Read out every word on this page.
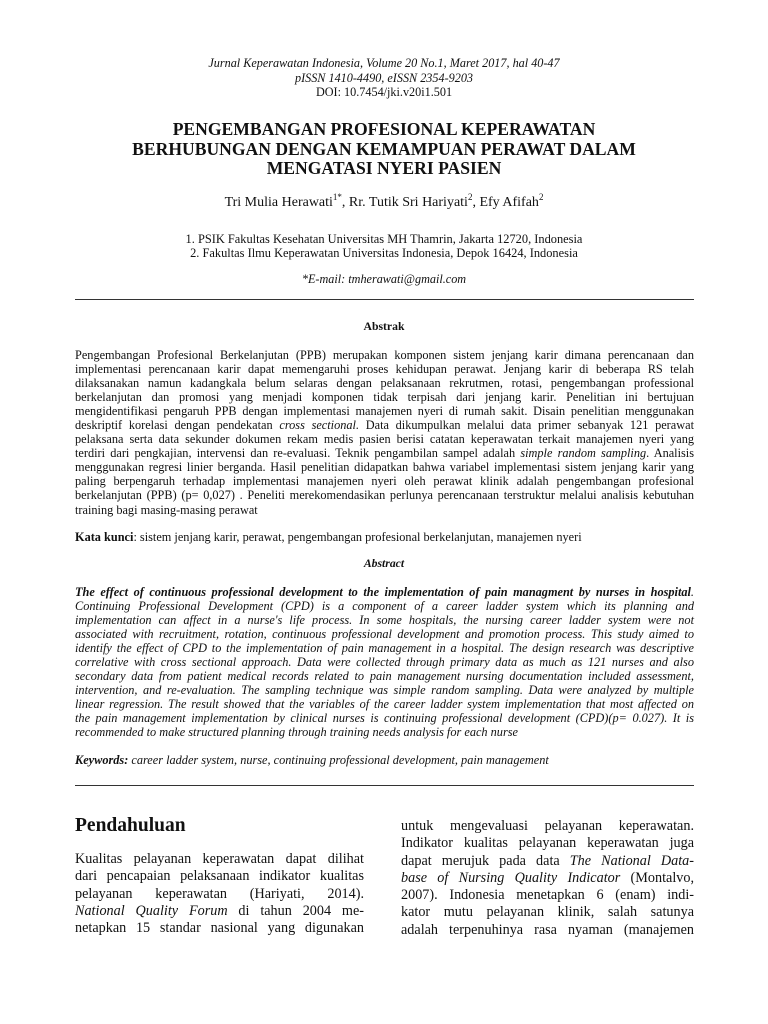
Jurnal Keperawatan Indonesia, Volume 20 No.1, Maret 2017, hal 40-47
pISSN 1410-4490, eISSN 2354-9203
DOI: 10.7454/jki.v20i1.501
PENGEMBANGAN PROFESIONAL KEPERAWATAN
BERHUBUNGAN DENGAN KEMAMPUAN PERAWAT DALAM
MENGATASI NYERI PASIEN
Tri Mulia Herawati$^{1*}$, Rr. Tutik Sri Hariyati$^2$, Efy Afifah$^2$
1. PSIK Fakultas Kesehatan Universitas MH Thamrin, Jakarta 12720, Indonesia
2. Fakultas Ilmu Keperawatan Universitas Indonesia, Depok 16424, Indonesia
*E-mail: tmherawati@gmail.com
Abstrak
Pengembangan Profesional Berkelanjutan (PPB) merupakan komponen sistem jenjang karir dimana perencanaan dan
implementasi perencanaan karir dapat memengaruhi proses kehidupan perawat. Jenjang karir di beberapa RS telah
dilaksanakan namun kadangkala belum selaras dengan pelaksanaan rekrutmen, rotasi, pengembangan professional
berkelanjutan dan promosi yang menjadi komponen tidak terpisah dari jenjang karir. Penelitian ini bertujuan
mengidentifikasi pengaruh PPB dengan implementasi manajemen nyeri di rumah sakit. Disain penelitian menggunakan
deskriptif korelasi dengan pendekatan cross sectional. Data dikumpulkan melalui data primer sebanyak 121 perawat
pelaksana serta data sekunder dokumen rekam medis pasien berisi catatan keperawatan terkait manajemen nyeri yang
terdiri dari pengkajian, intervensi dan re-evaluasi. Teknik pengambilan sampel adalah simple random sampling. Analisis
menggunakan regresi linier berganda. Hasil penelitian didapatkan bahwa variabel implementasi sistem jenjang karir yang
paling berpengaruh terhadap implementasi manajemen nyeri oleh perawat klinik adalah pengembangan profesional
berkelanjutan (PPB) (p= 0,027) . Peneliti merekomendasikan perlunya perencanaan terstruktur melalui analisis kebutuhan
training bagi masing-masing perawat
Kata kunci: sistem jenjang karir, perawat, pengembangan profesional berkelanjutan, manajemen nyeri
Abstract
The effect of continuous professional development to the implementation of pain managment by nurses in hospital.
Continuing Professional Development (CPD) is a component of a career ladder system which its planning and
implementation can affect in a nurse's life process. In some hospitals, the nursing career ladder system were not
associated with recruitment, rotation, continuous professional development and promotion process. This study aimed to
identify the effect of CPD to the implementation of pain management in a hospital. The design research was descriptive
correlative with cross sectional approach. Data were collected through primary data as much as 121 nurses and also
secondary data from patient medical records related to pain management nursing documentation included assessment,
intervention, and re-evaluation. The sampling technique was simple random sampling. Data were analyzed by multiple
linear regression. The result showed that the variables of the career ladder system implementation that most affected on
the pain management implementation by clinical nurses is continuing professional development (CPD)(p= 0.027). It is
recommended to make structured planning through training needs analysis for each nurse
Keywords: career ladder system, nurse, continuing professional development, pain management
Pendahuluan
Kualitas pelayanan keperawatan dapat dilihat
dari pencapaian pelaksanaan indikator kualitas
pelayanan keperawatan (Hariyati, 2014).
National Quality Forum di tahun 2004 me-
netapkan 15 standar nasional yang digunakan
untuk mengevaluasi pelayanan keperawatan.
Indikator kualitas pelayanan keperawatan juga
dapat merujuk pada data The National Data-
base of Nursing Quality Indicator (Montalvo,
2007). Indonesia menetapkan 6 (enam) indi-
kator mutu pelayanan klinik, salah satunya
adalah terpenuhinya rasa nyaman (manajemen
